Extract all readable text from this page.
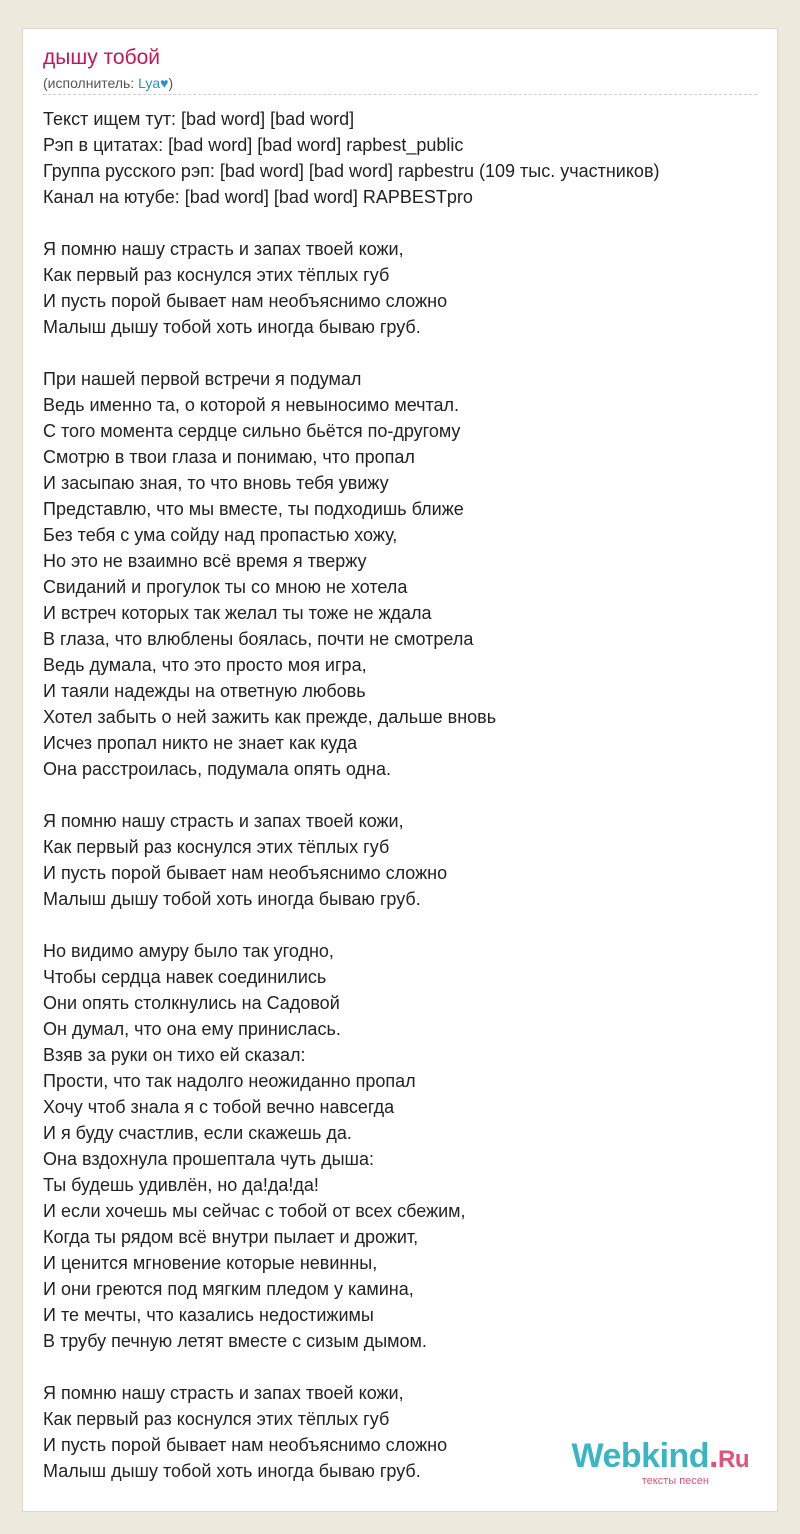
дышу тобой
(исполнитель: Lya♥)
Текст ищем тут: [bad word] [bad word]
Рэп в цитатах: [bad word] [bad word] rapbest_public
Группа русского рэп: [bad word] [bad word] rapbestru (109 тыс. участников)
Канал на ютубе: [bad word] [bad word] RAPBESTpro
Я помню нашу страсть и запах твоей кожи,
Как первый раз коснулся этих тёплых губ
И пусть порой бывает нам необъяснимо сложно
Малыш дышу тобой хоть иногда бываю груб.
При нашей первой встречи я подумал
Ведь именно та, о которой я невыносимо мечтал.
С того момента сердце сильно бьётся по-другому
Смотрю в твои глаза и понимаю, что пропал
И засыпаю зная, то что вновь тебя увижу
Представлю, что мы вместе, ты подходишь ближе
Без тебя с ума сойду над пропастью хожу,
Но это не взаимно всё время я твержу
Свиданий и прогулок ты со мною не хотела
И встреч которых так желал ты тоже не ждала
В глаза, что влюблены боялась, почти не смотрела
Ведь думала, что это просто моя игра,
И таяли надежды на ответную любовь
Хотел забыть о ней зажить как прежде, дальше вновь
Исчез пропал никто не знает как куда
Она расстроилась, подумала опять одна.
Я помню нашу страсть и запах твоей кожи,
Как первый раз коснулся этих тёплых губ
И пусть порой бывает нам необъяснимо сложно
Малыш дышу тобой хоть иногда бываю груб.
Но видимо амуру было так угодно,
Чтобы сердца навек соединились
Они опять столкнулись на Садовой
Он думал, что она ему принислась.
Взяв за руки он тихо ей сказал:
Прости, что так надолго неожиданно пропал
Хочу чтоб знала я с тобой вечно навсегда
И я буду счастлив, если скажешь да.
Она вздохнула прошептала чуть дыша:
Ты будешь удивлён, но да!да!да!
И если хочешь мы сейчас с тобой от всех сбежим,
Когда ты рядом всё внутри пылает и дрожит,
И ценится мгновение которые невинны,
И они греются под мягким пледом у камина,
И те мечты, что казались недостижимы
В трубу печную летят вместе с сизым дымом.
Я помню нашу страсть и запах твоей кожи,
Как первый раз коснулся этих тёплых губ
И пусть порой бывает нам необъяснимо сложно
Малыш дышу тобой хоть иногда бываю груб.	Webkind.Ru
тексты песен
